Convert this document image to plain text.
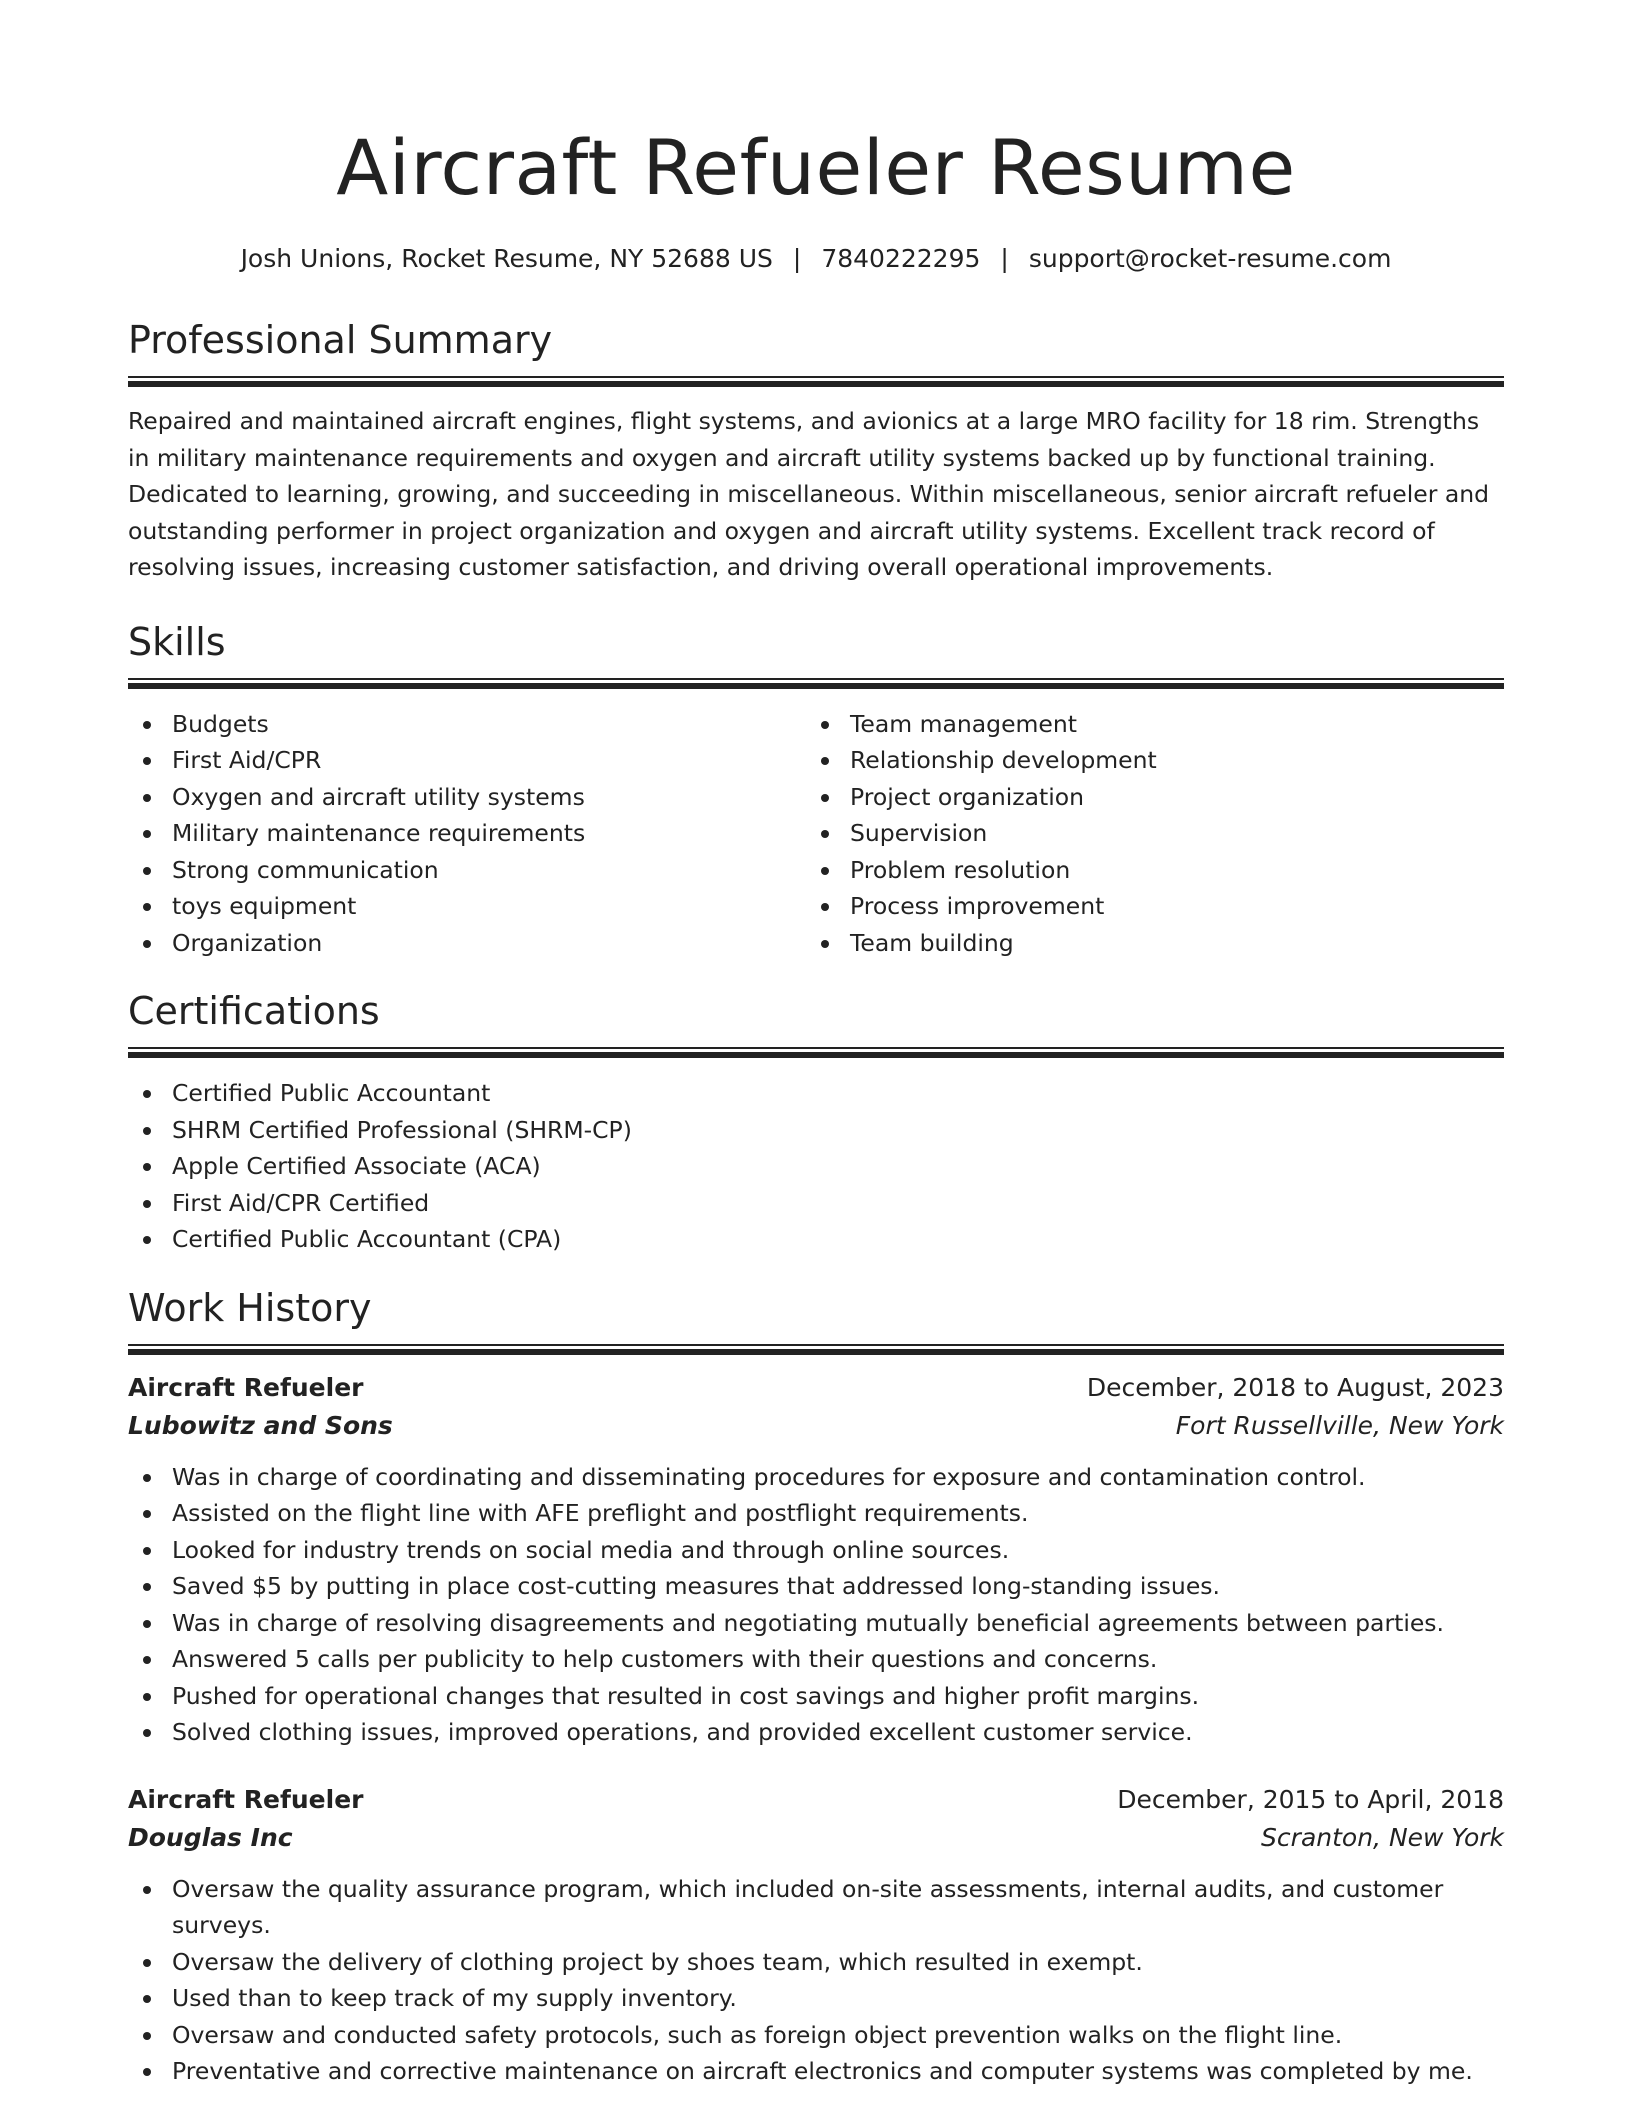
Aircraft Refueler Resume
Josh Unions, Rocket Resume, NY 52688 US | 7840222295 | support@rocket-resume.com
Professional Summary

Repaired and maintained aircraft engines, flight systems, and avionics at a large MRO facility for 18 rim. Strengths in military maintenance requirements and oxygen and aircraft utility systems backed up by functional training. Dedicated to learning, growing, and succeeding in miscellaneous. Within miscellaneous, senior aircraft refueler and outstanding performer in project organization and oxygen and aircraft utility systems. Excellent track record of resolving issues, increasing customer satisfaction, and driving overall operational improvements.

Skills
Budgets
First Aid/CPR
Oxygen and aircraft utility systems
Military maintenance requirements
Strong communication
toys equipment
Organization
Team management
Relationship development
Project organization
Supervision
Problem resolution
Process improvement
Team building
Certifications
Certified Public Accountant
SHRM Certified Professional (SHRM-CP)
Apple Certified Associate (ACA)
First Aid/CPR Certified
Certified Public Accountant (CPA)
Work History
Aircraft Refueler	December, 2018 to August, 2023
Lubowitz and Sons	Fort Russellville, New York
Was in charge of coordinating and disseminating procedures for exposure and contamination control.
Assisted on the flight line with AFE preflight and postflight requirements.
Looked for industry trends on social media and through online sources.
Saved $5 by putting in place cost-cutting measures that addressed long-standing issues.
Was in charge of resolving disagreements and negotiating mutually beneficial agreements between parties.
Answered 5 calls per publicity to help customers with their questions and concerns.
Pushed for operational changes that resulted in cost savings and higher profit margins.
Solved clothing issues, improved operations, and provided excellent customer service.
Aircraft Refueler	December, 2015 to April, 2018
Douglas Inc	Scranton, New York
Oversaw the quality assurance program, which included on-site assessments, internal audits, and customer surveys.
Oversaw the delivery of clothing project by shoes team, which resulted in exempt.
Used than to keep track of my supply inventory.
Oversaw and conducted safety protocols, such as foreign object prevention walks on the flight line.
Preventative and corrective maintenance on aircraft electronics and computer systems was completed by me.
